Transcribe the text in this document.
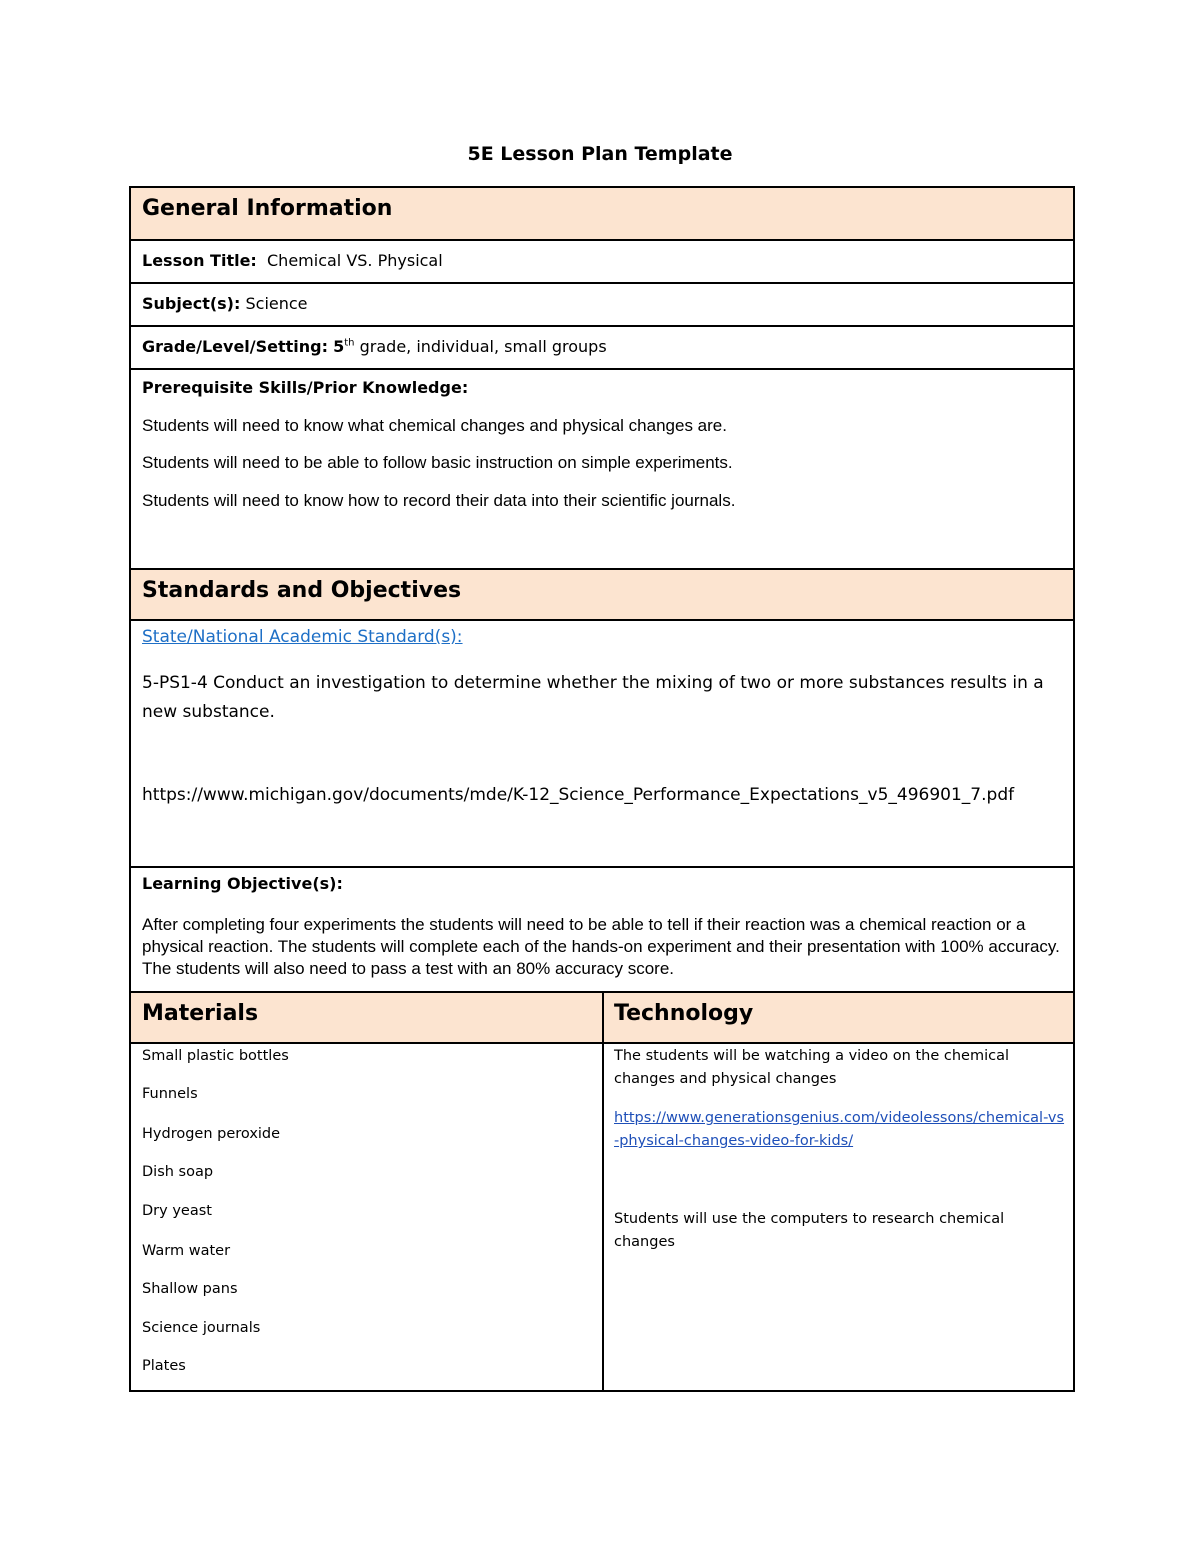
5E Lesson Plan Template
General Information
Lesson Title: Chemical VS. Physical
Subject(s): Science
Grade/Level/Setting: 5th grade, individual, small groups
Prerequisite Skills/Prior Knowledge:
Students will need to know what chemical changes and physical changes are.
Students will need to be able to follow basic instruction on simple experiments.
Students will need to know how to record their data into their scientific journals.
Standards and Objectives
State/National Academic Standard(s):
5-PS1-4 Conduct an investigation to determine whether the mixing of two or more substances results in a new substance.
https://www.michigan.gov/documents/mde/K-12_Science_Performance_Expectations_v5_496901_7.pdf
Learning Objective(s):
After completing four experiments the students will need to be able to tell if their reaction was a chemical reaction or a physical reaction. The students will complete each of the hands-on experiment and their presentation with 100% accuracy. The students will also need to pass a test with an 80% accuracy score.
Materials	Technology
Small plastic bottles
Funnels
Hydrogen peroxide
Dish soap
Dry yeast
Warm water
Shallow pans
Science journals
Plates
The students will be watching a video on the chemical changes and physical changes
https://www.generationsgenius.com/videolessons/chemical-vs-physical-changes-video-for-kids/
Students will use the computers to research chemical changes
